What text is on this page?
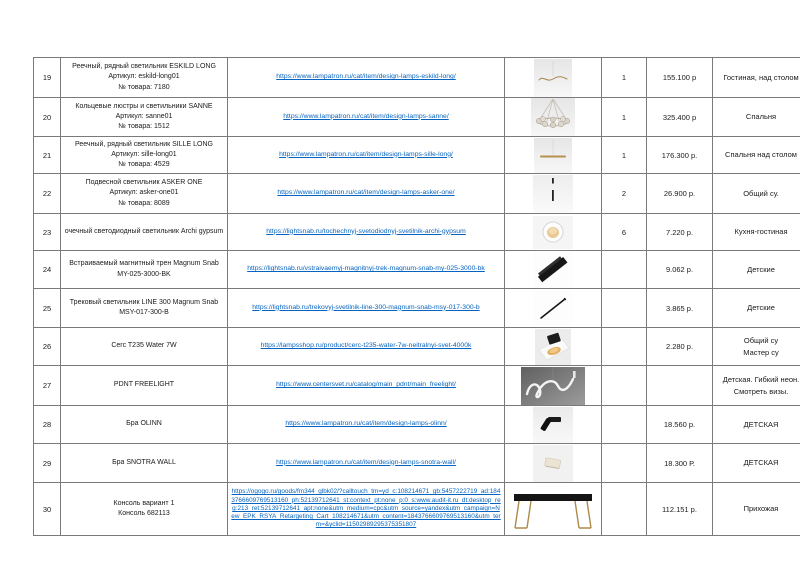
19	Реечный, рядный светильник ESKILD LONG
Артикул: eskild-long01
№ товара: 7180	https://www.lampatron.ru/cat/item/design-lamps-eskild-long/		1	155.100 р	Гостиная, над столом

20	Кольцевые люстры и светильники SANNE
Артикул: sanne01
№ товара: 1512	https://www.lampatron.ru/cat/item/design-lamps-sanne/		1	325.400 р	Спальня

21	Реечный, рядный светильник SILLE LONG
Артикул: sille-long01
№ товара: 4529	https://www.lampatron.ru/cat/item/design-lamps-sille-long/		1	176.300 р.	Спальня над столом

22	Подвесной светильник ASKER ONE
Артикул: asker-one01
№ товара: 8089	https://www.lampatron.ru/cat/item/design-lamps-asker-one/		2	26.900 р.	Общий су.

23	очечный светодиодный светильник Archi gypsum	https://lightsnab.ru/tochechnyj-svetodiodnyj-svetilnik-archi-gypsum		6	7.220 р.	Кухня-гостиная

24	Встраиваемый магнитный трен Magnum Snab
MY-025-3000-BK	https://lightsnab.ru/vstraivaemyj-magnitnyj-trek-magnum-snab-my-025-3000-bk			9.062 р.	Детские

25	Трековый светильник LINE 300 Magnum Snab
MSY-017-300-B	https://lightsnab.ru/trekovyj-svetilnik-line-300-magnum-snab-msy-017-300-b			3.865 р.	Детские

26	Cerc T235 Water 7W	https://lampsshop.ru/product/cerc-t235-water-7w-neitralnyi-svet-4000k			2.280 р.	Общий су
Мастер су

27	PDNT FREELIGHT	https://www.centersvet.ru/catalog/main_pdnt/main_freelight/				Детская. Гибкий неон.
Смотреть визы.

28	Бра OLINN	https://www.lampatron.ru/cat/item/design-lamps-olinn/			18.560 р.	ДЕТСКАЯ

29	Бра SNOTRA WALL	https://www.lampatron.ru/cat/item/design-lamps-snotra-wall/			18.300 Р.	ДЕТСКАЯ

30	Консоль вариант 1
Консоль 682113	https://ogogo.ru/goods/fm344_glbk02/?calltouch_tm=yd_c:108214671_gb:5457222719_ad:1843766609769513160_ph:52139712641_st:context_pt:none_p:0_s:www.audit-it.ru_dt:desktop_reg:213_ret:52139712641_apt:none&utm_medium=cpc&utm_source=yandex&utm_campaign=New_EPK_RSYA_Retargeting_Cart_108214671&utm_content=1843766609769513160&utm_term=&yclid=11502989295375351807			112.151 р.	Прихожая
